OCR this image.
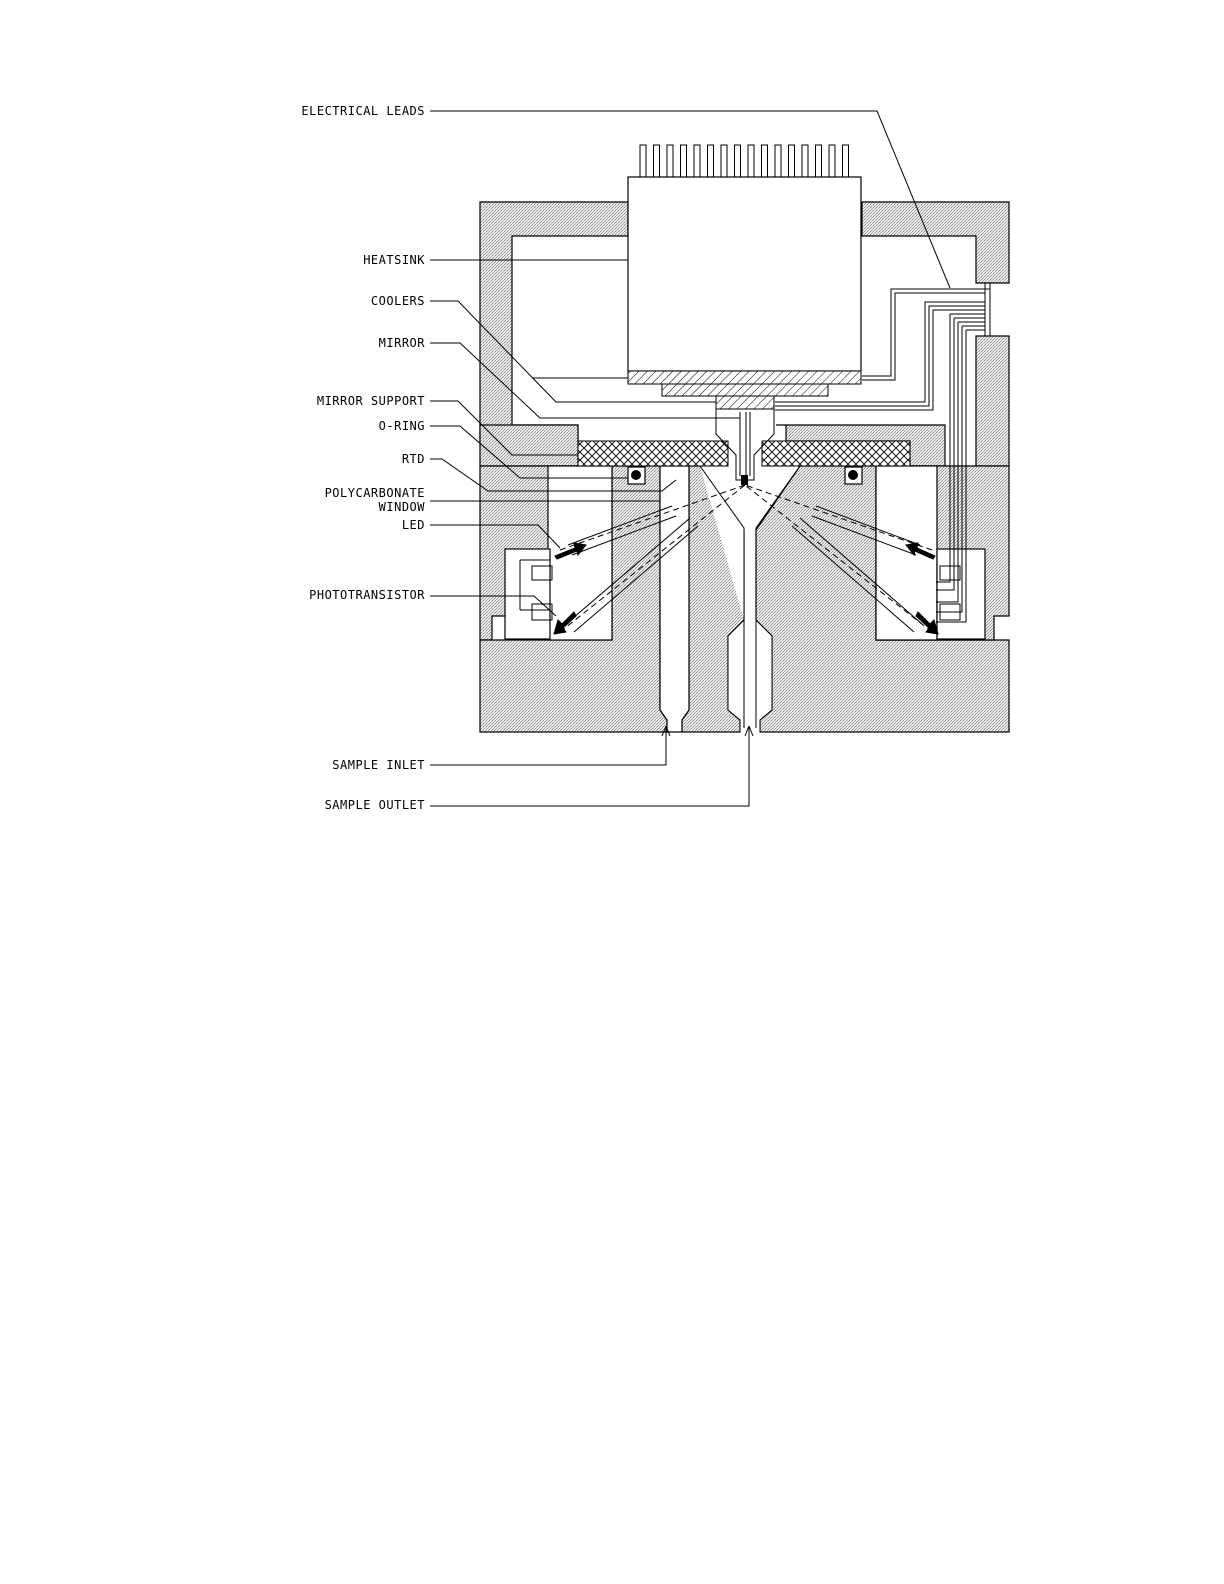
ELECTRICAL LEADS
HEATSINK
COOLERS
MIRROR
MIRROR SUPPORT
O-RING
RTD
POLYCARBONATE
WINDOW
LED
PHOTOTRANSISTOR
SAMPLE INLET
SAMPLE OUTLET
